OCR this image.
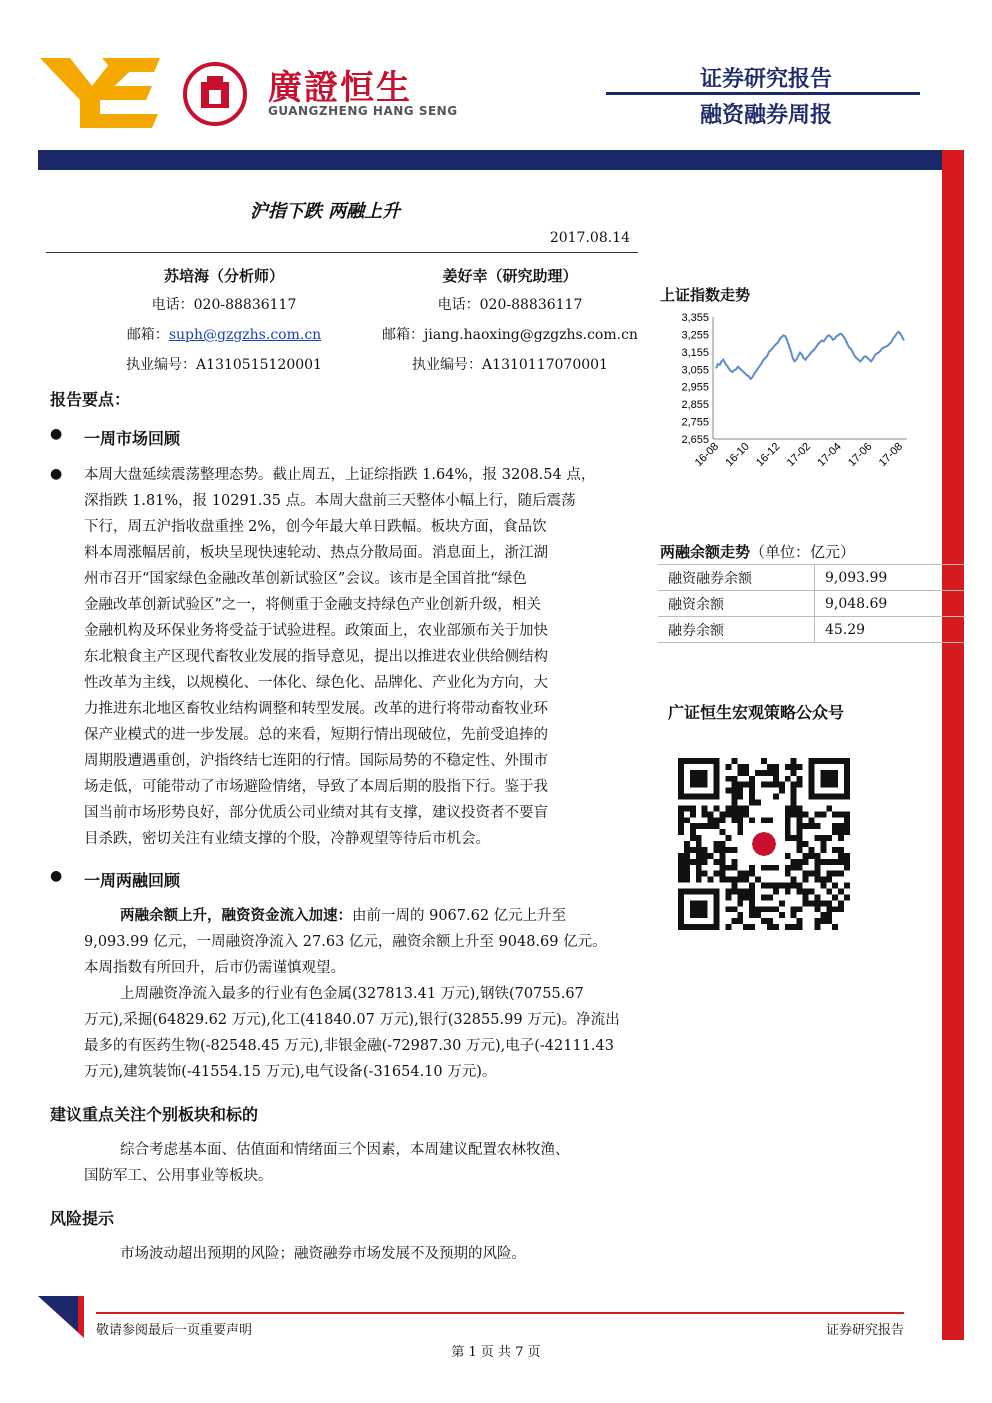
廣證恒生
GUANGZHENG HANG SENG
证券研究报告
融资融券周报
沪指下跌 两融上升
2017.08.14
苏培海（分析师）
电话：020-88836117
邮箱：suph@gzgzhs.com.cn
执业编号：A1310515120001
姜好幸（研究助理）
电话：020-88836117
邮箱：jiang.haoxing@gzgzhs.com.cn
执业编号：A1310117070001
报告要点：
● 一周市场回顾
● 本周大盘延续震荡整理态势。截止周五，上证综指跌 1.64%，报 3208.54 点，
深指跌 1.81%，报 10291.35 点。本周大盘前三天整体小幅上行，随后震荡
下行，周五沪指收盘重挫 2%，创今年最大单日跌幅。板块方面，食品饮
料本周涨幅居前，板块呈现快速轮动、热点分散局面。消息面上，浙江湖
州市召开“国家绿色金融改革创新试验区”会议。该市是全国首批“绿色
金融改革创新试验区”之一，将侧重于金融支持绿色产业创新升级，相关
金融机构及环保业务将受益于试验进程。政策面上，农业部颁布关于加快
东北粮食主产区现代畜牧业发展的指导意见，提出以推进农业供给侧结构
性改革为主线，以规模化、一体化、绿色化、品牌化、产业化为方向，大
力推进东北地区畜牧业结构调整和转型发展。改革的进行将带动畜牧业环
保产业模式的进一步发展。总的来看，短期行情出现破位，先前受追捧的
周期股遭遇重创，沪指终结七连阳的行情。国际局势的不稳定性、外围市
场走低，可能带动了市场避险情绪，导致了本周后期的股指下行。鉴于我
国当前市场形势良好，部分优质公司业绩对其有支撑，建议投资者不要盲
目杀跌，密切关注有业绩支撑的个股，冷静观望等待后市机会。
● 一周两融回顾
两融余额上升，融资资金流入加速：由前一周的 9067.62 亿元上升至
9,093.99 亿元，一周融资净流入 27.63 亿元，融资余额上升至 9048.69 亿元。
本周指数有所回升，后市仍需谨慎观望。
上周融资净流入最多的行业有色金属(327813.41 万元),钢铁(70755.67
万元),采掘(64829.62 万元),化工(41840.07 万元),银行(32855.99 万元)。净流出
最多的有医药生物(-82548.45 万元),非银金融(-72987.30 万元),电子(-42111.43
万元),建筑装饰(-41554.15 万元),电气设备(-31654.10 万元)。
建议重点关注个别板块和标的
综合考虑基本面、估值面和情绪面三个因素，本周建议配置农林牧渔、
国防军工、公用事业等板块。
风险提示
市场波动超出预期的风险；融资融券市场发展不及预期的风险。
上证指数走势
3,355
3,255
3,155
3,055
2,955
2,855
2,755
2,655
16-08 16-10 16-12 17-02 17-04 17-06 17-08
两融余额走势（单位：亿元）
融资融券余额	9,093.99
融资余额	9,048.69
融券余额	45.29
广证恒生宏观策略公众号
敬请参阅最后一页重要声明	证券研究报告
第 1 页 共 7 页
